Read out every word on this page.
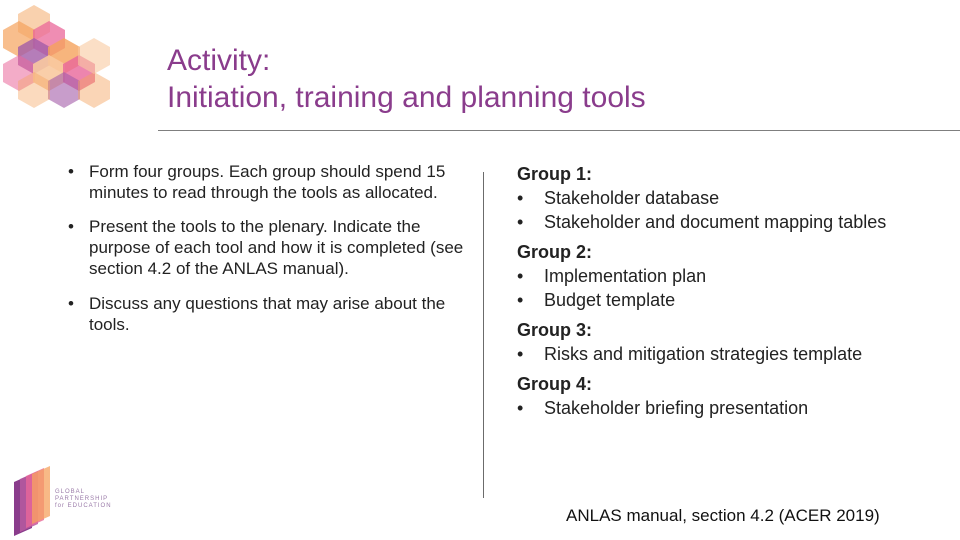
Activity:
Initiation, training and planning tools
• Form four groups. Each group should spend 15 minutes to read through the tools as allocated.
• Present the tools to the plenary. Indicate the purpose of each tool and how it is completed (see section 4.2 of the ANLAS manual).
• Discuss any questions that may arise about the tools.
Group 1:
• Stakeholder database
• Stakeholder and document mapping tables
Group 2:
• Implementation plan
• Budget template
Group 3:
• Risks and mitigation strategies template
Group 4:
• Stakeholder briefing presentation
ANLAS manual, section 4.2 (ACER 2019)
GLOBAL
PARTNERSHIP
for EDUCATION
